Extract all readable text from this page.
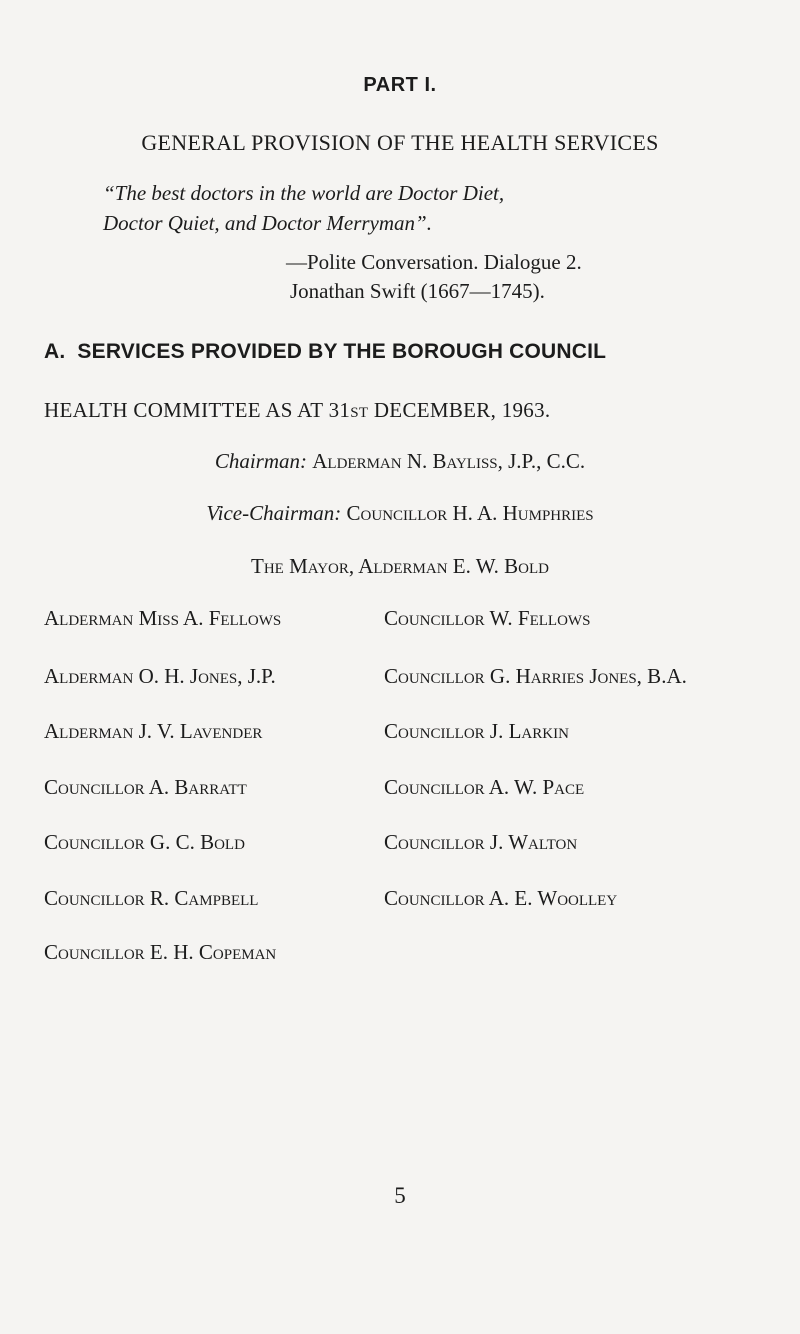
PART I.
GENERAL PROVISION OF THE HEALTH SERVICES
“The best doctors in the world are Doctor Diet,
Doctor Quiet, and Doctor Merryman”.
—Polite Conversation. Dialogue 2.
Jonathan Swift (1667—1745).
A. SERVICES PROVIDED BY THE BOROUGH COUNCIL
HEALTH COMMITTEE AS AT 31st DECEMBER, 1963.
Chairman: Alderman N. Bayliss, J.P., C.C.
Vice-Chairman: Councillor H. A. Humphries
The Mayor, Alderman E. W. Bold
Alderman Miss A. Fellows
Alderman O. H. Jones, J.P.
Alderman J. V. Lavender
Councillor A. Barratt
Councillor G. C. Bold
Councillor R. Campbell
Councillor E. H. Copeman
Councillor W. Fellows
Councillor G. Harries Jones, B.A.
Councillor J. Larkin
Councillor A. W. Pace
Councillor J. Walton
Councillor A. E. Woolley
5
